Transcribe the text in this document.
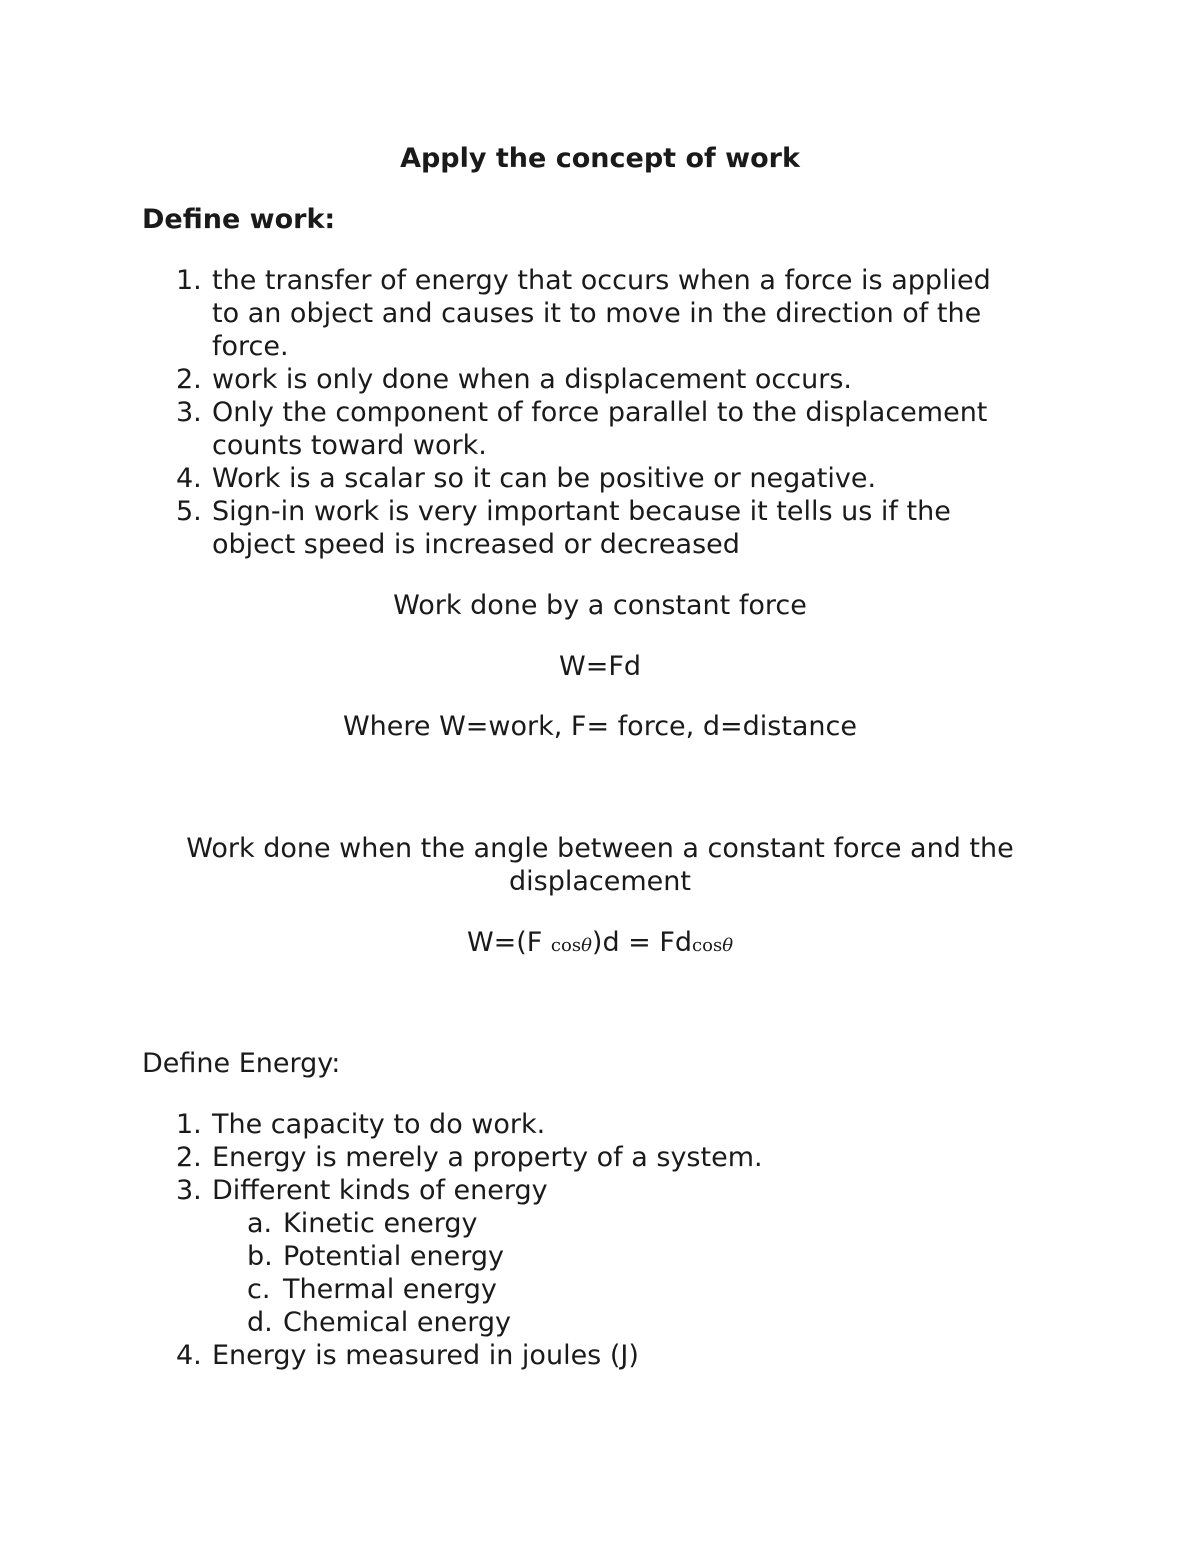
Apply the concept of work
Define work:
1. the transfer of energy that occurs when a force is applied
to an object and causes it to move in the direction of the
force.
2. work is only done when a displacement occurs.
3. Only the component of force parallel to the displacement
counts toward work.
4. Work is a scalar so it can be positive or negative.
5. Sign-in work is very important because it tells us if the
object speed is increased or decreased
Work done by a constant force
W=Fd
Where W=work, F= force, d=distance
Work done when the angle between a constant force and the
displacement
W=(F cosθ)d = Fdcosθ
Define Energy:
1. The capacity to do work.
2. Energy is merely a property of a system.
3. Different kinds of energy
a. Kinetic energy
b. Potential energy
c. Thermal energy
d. Chemical energy
4. Energy is measured in joules (J)
